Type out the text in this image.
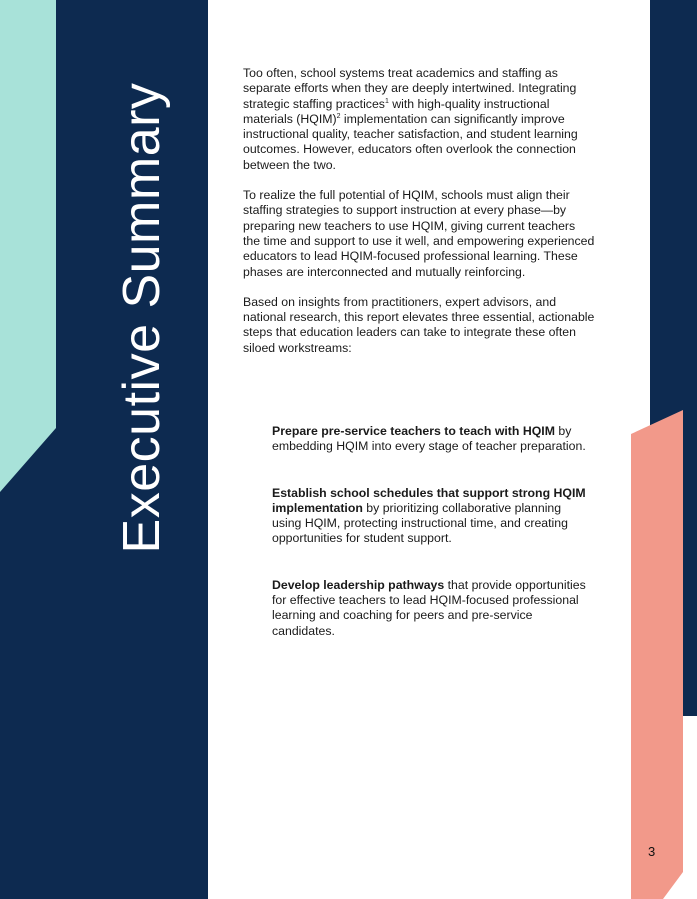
Executive Summary
3

Too often, school systems treat academics and staffing as separate efforts when they are deeply intertwined. Integrating strategic staffing practices$^1$ with high-quality instructional materials (HQIM)$^2$ implementation can significantly improve instructional quality, teacher satisfaction, and student learning outcomes. However, educators often overlook the connection between the two.

To realize the full potential of HQIM, schools must align their staffing strategies to support instruction at every phase—by preparing new teachers to use HQIM, giving current teachers the time and support to use it well, and empowering experienced educators to lead HQIM-focused professional learning. These phases are interconnected and mutually reinforcing.

Based on insights from practitioners, expert advisors, and national research, this report elevates three essential, actionable steps that education leaders can take to integrate these often siloed workstreams:

Prepare pre-service teachers to teach with HQIM by embedding HQIM into every stage of teacher preparation.
Establish school schedules that support strong HQIM implementation by prioritizing collaborative planning using HQIM, protecting instructional time, and creating opportunities for student support.
Develop leadership pathways that provide opportunities for effective teachers to lead HQIM-focused professional learning and coaching for peers and pre-service candidates.
